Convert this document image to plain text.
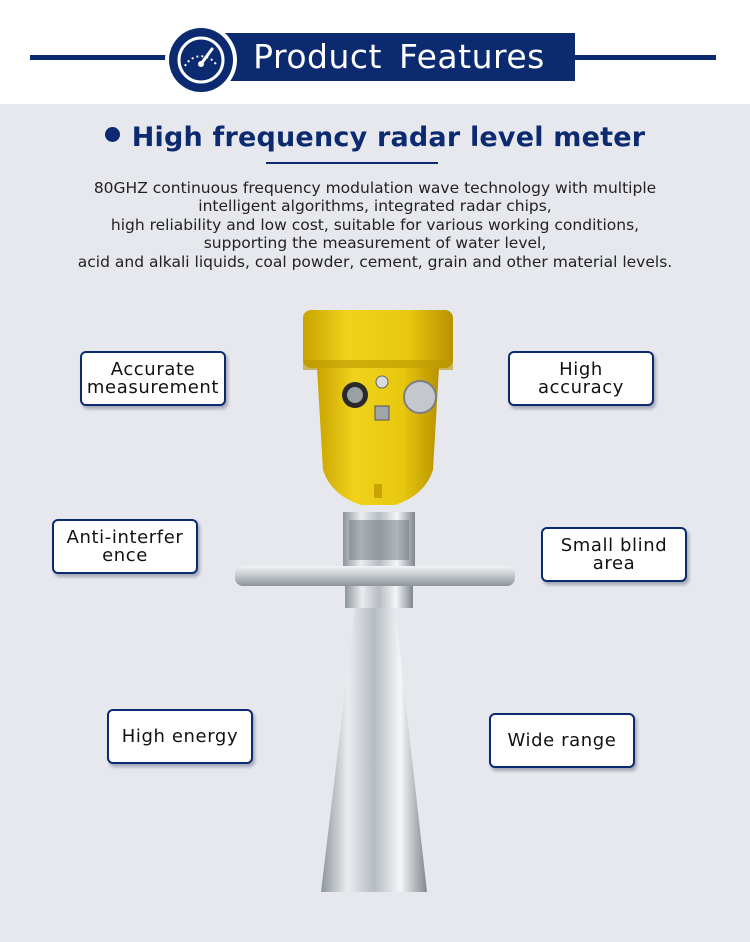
Product Features
High frequency radar level meter
80GHZ continuous frequency modulation wave technology with multiple
intelligent algorithms, integrated radar chips,
high reliability and low cost, suitable for various working conditions,
supporting the measurement of water level,
acid and alkali liquids, coal powder, cement, grain and other material levels.
Accurate
measurement
High
accuracy
Anti-interfer
ence	Small blind
area
High energy	Wide range
